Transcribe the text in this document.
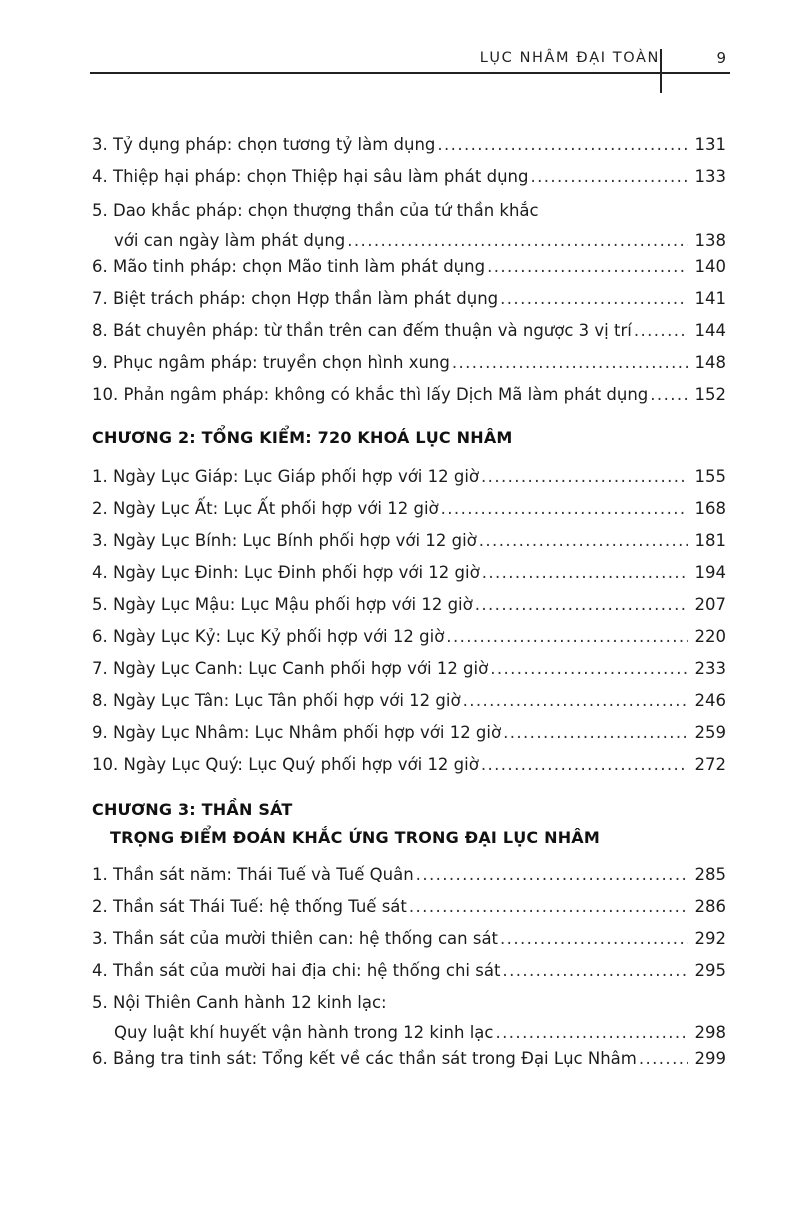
LỤC NHÂM ĐẠI TOÀN	9
CHƯƠNG 2: TỔNG KIỂM: 720 KHOÁ LỤC NHÂM
CHƯƠNG 3: THẦN SÁT
TRỌNG ĐIỂM ĐOÁN KHẮC ỨNG TRONG ĐẠI LỤC NHÂM
3. Tỷ dụng pháp: chọn tương tỷ làm dụng .....	131
4. Thiệp hại pháp: chọn Thiệp hại sâu làm phát dụng .....	133
5. Dao khắc pháp: chọn thượng thần của tứ thần khắc
với can ngày làm phát dụng .....	138
6. Mão tinh pháp: chọn Mão tinh làm phát dụng .....	140
7. Biệt trách pháp: chọn Hợp thần làm phát dụng .....	141
8. Bát chuyên pháp: từ thần trên can đếm thuận và ngược 3 vị trí .....	144
9. Phục ngâm pháp: truyền chọn hình xung .....	148
10. Phản ngâm pháp: không có khắc thì lấy Dịch Mã làm phát dụng .....	152
1. Ngày Lục Giáp: Lục Giáp phối hợp với 12 giờ .....	155
2. Ngày Lục Ất: Lục Ất phối hợp với 12 giờ .....	168
3. Ngày Lục Bính: Lục Bính phối hợp với 12 giờ .....	181
4. Ngày Lục Đinh: Lục Đinh phối hợp với 12 giờ .....	194
5. Ngày Lục Mậu: Lục Mậu phối hợp với 12 giờ .....	207
6. Ngày Lục Kỷ: Lục Kỷ phối hợp với 12 giờ .....	220
7. Ngày Lục Canh: Lục Canh phối hợp với 12 giờ .....	233
8. Ngày Lục Tân: Lục Tân phối hợp với 12 giờ .....	246
9. Ngày Lục Nhâm: Lục Nhâm phối hợp với 12 giờ .....	259
10. Ngày Lục Quý: Lục Quý phối hợp với 12 giờ .....	272
1. Thần sát năm: Thái Tuế và Tuế Quân .....	285
2. Thần sát Thái Tuế: hệ thống Tuế sát .....	286
3. Thần sát của mười thiên can: hệ thống can sát .....	292
4. Thần sát của mười hai địa chi: hệ thống chi sát .....	295
5. Nội Thiên Canh hành 12 kinh lạc:
Quy luật khí huyết vận hành trong 12 kinh lạc .....	298
6. Bảng tra tinh sát: Tổng kết về các thần sát trong Đại Lục Nhâm .....	299
